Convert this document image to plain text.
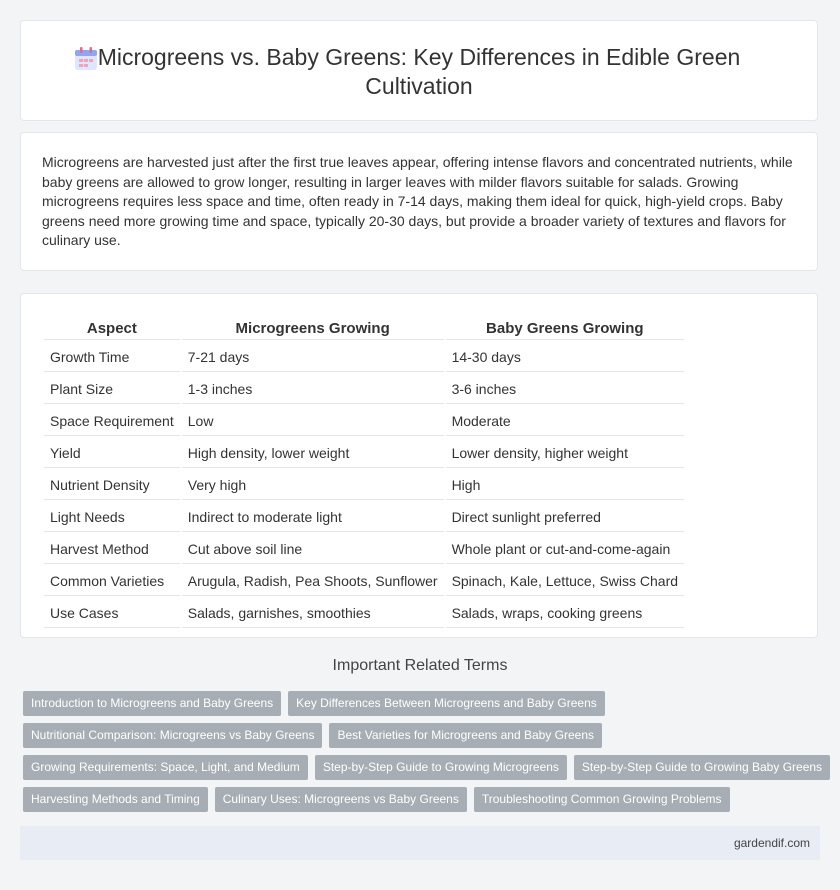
Microgreens vs. Baby Greens: Key Differences in Edible Green Cultivation

Microgreens are harvested just after the first true leaves appear, offering intense flavors and concentrated nutrients, while baby greens are allowed to grow longer, resulting in larger leaves with milder flavors suitable for salads. Growing microgreens requires less space and time, often ready in 7-14 days, making them ideal for quick, high-yield crops. Baby greens need more growing time and space, typically 20-30 days, but provide a broader variety of textures and flavors for culinary use.

Aspect	Microgreens Growing	Baby Greens Growing
Growth Time	7-21 days	14-30 days
Plant Size	1-3 inches	3-6 inches
Space Requirement	Low	Moderate
Yield	High density, lower weight	Lower density, higher weight
Nutrient Density	Very high	High
Light Needs	Indirect to moderate light	Direct sunlight preferred
Harvest Method	Cut above soil line	Whole plant or cut-and-come-again
Common Varieties	Arugula, Radish, Pea Shoots, Sunflower	Spinach, Kale, Lettuce, Swiss Chard
Use Cases	Salads, garnishes, smoothies	Salads, wraps, cooking greens
Important Related Terms
Introduction to Microgreens and Baby Greens	Key Differences Between Microgreens and Baby Greens
Nutritional Comparison: Microgreens vs Baby Greens	Best Varieties for Microgreens and Baby Greens
Growing Requirements: Space, Light, and Medium	Step-by-Step Guide to Growing Microgreens	Step-by-Step Guide to Growing Baby Greens
Harvesting Methods and Timing	Culinary Uses: Microgreens vs Baby Greens	Troubleshooting Common Growing Problems
gardendif.com
